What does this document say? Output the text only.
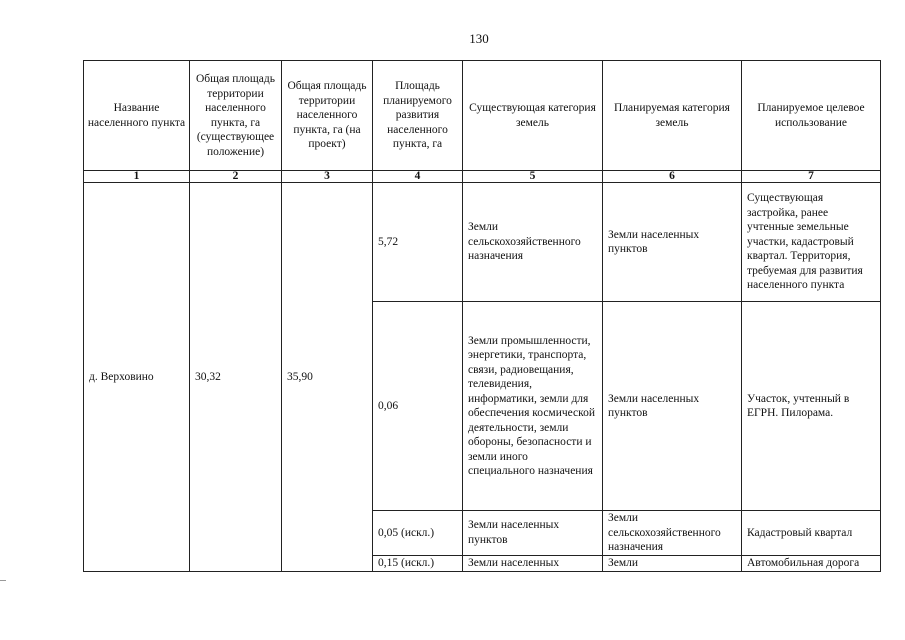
130
Название населенного пункта	Общая площадь территории населенного пункта, га (существующее положение)	Общая площадь территории населенного пункта, га (на проект)	Площадь планируемого развития населенного пункта, га	Существующая категория земель	Планируемая категория земель	Планируемое целевое использование
1	2	3	4	5	6	7
д. Верховино	30,32	35,90	5,72	Земли сельскохозяйственного назначения	Земли населенных пунктов	Существующая застройка, ранее учтенные земельные участки, кадастровый квартал. Территория, требуемая для развития населенного пункта
			0,06	Земли промышленности, энергетики, транспорта, связи, радиовещания, телевидения, информатики, земли для обеспечения космической деятельности, земли обороны, безопасности и земли иного специального назначения	Земли населенных пунктов	Участок, учтенный в ЕГРН. Пилорама.
			0,05 (искл.)	Земли населенных пунктов	Земли сельскохозяйственного назначения	Кадастровый квартал
			0,15 (искл.)	Земли населенных	Земли	Автомобильная дорога
